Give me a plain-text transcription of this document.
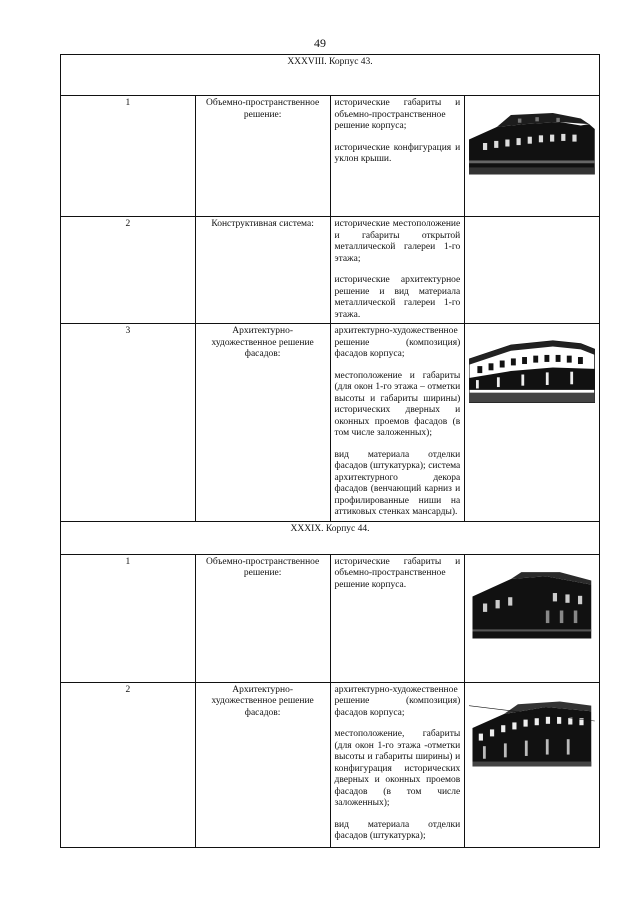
49
XXXVIII. Корпус 43.			
1	Объемно-пространственное решение:	исторические габариты и объемно-пространственное решение корпуса;

исторические конфигурация и уклон крыши.

2	Конструктивная система:	исторические местоположение и габариты открытой металлической галереи 1-го этажа;

исторические архитектурное решение и вид материала металлической галереи 1-го этажа.	

3	Архитектурно-художественное решение фасадов:	архитектурно-художественное решение (композиция) фасадов корпуса;

местоположение и габариты (для окон 1-го этажа – отметки высоты и габариты ширины) исторических дверных и оконных проемов фасадов (в том числе заложенных);

вид материала отделки фасадов (штукатурка); система архитектурного декора фасадов (венчающий карниз и профилированные ниши на аттиковых стенках мансарды).

XXXIX. Корпус 44.			
1	Объемно-пространственное решение:	исторические габариты и объемно-пространственное решение корпуса.

2	Архитектурно-художественное решение фасадов:	архитектурно-художественное решение (композиция) фасадов корпуса;

местоположение, габариты (для окон 1-го этажа -отметки высоты и габариты ширины) и конфигурация исторических дверных и оконных проемов фасадов (в том числе заложенных);

вид материала отделки фасадов (штукатурка);
